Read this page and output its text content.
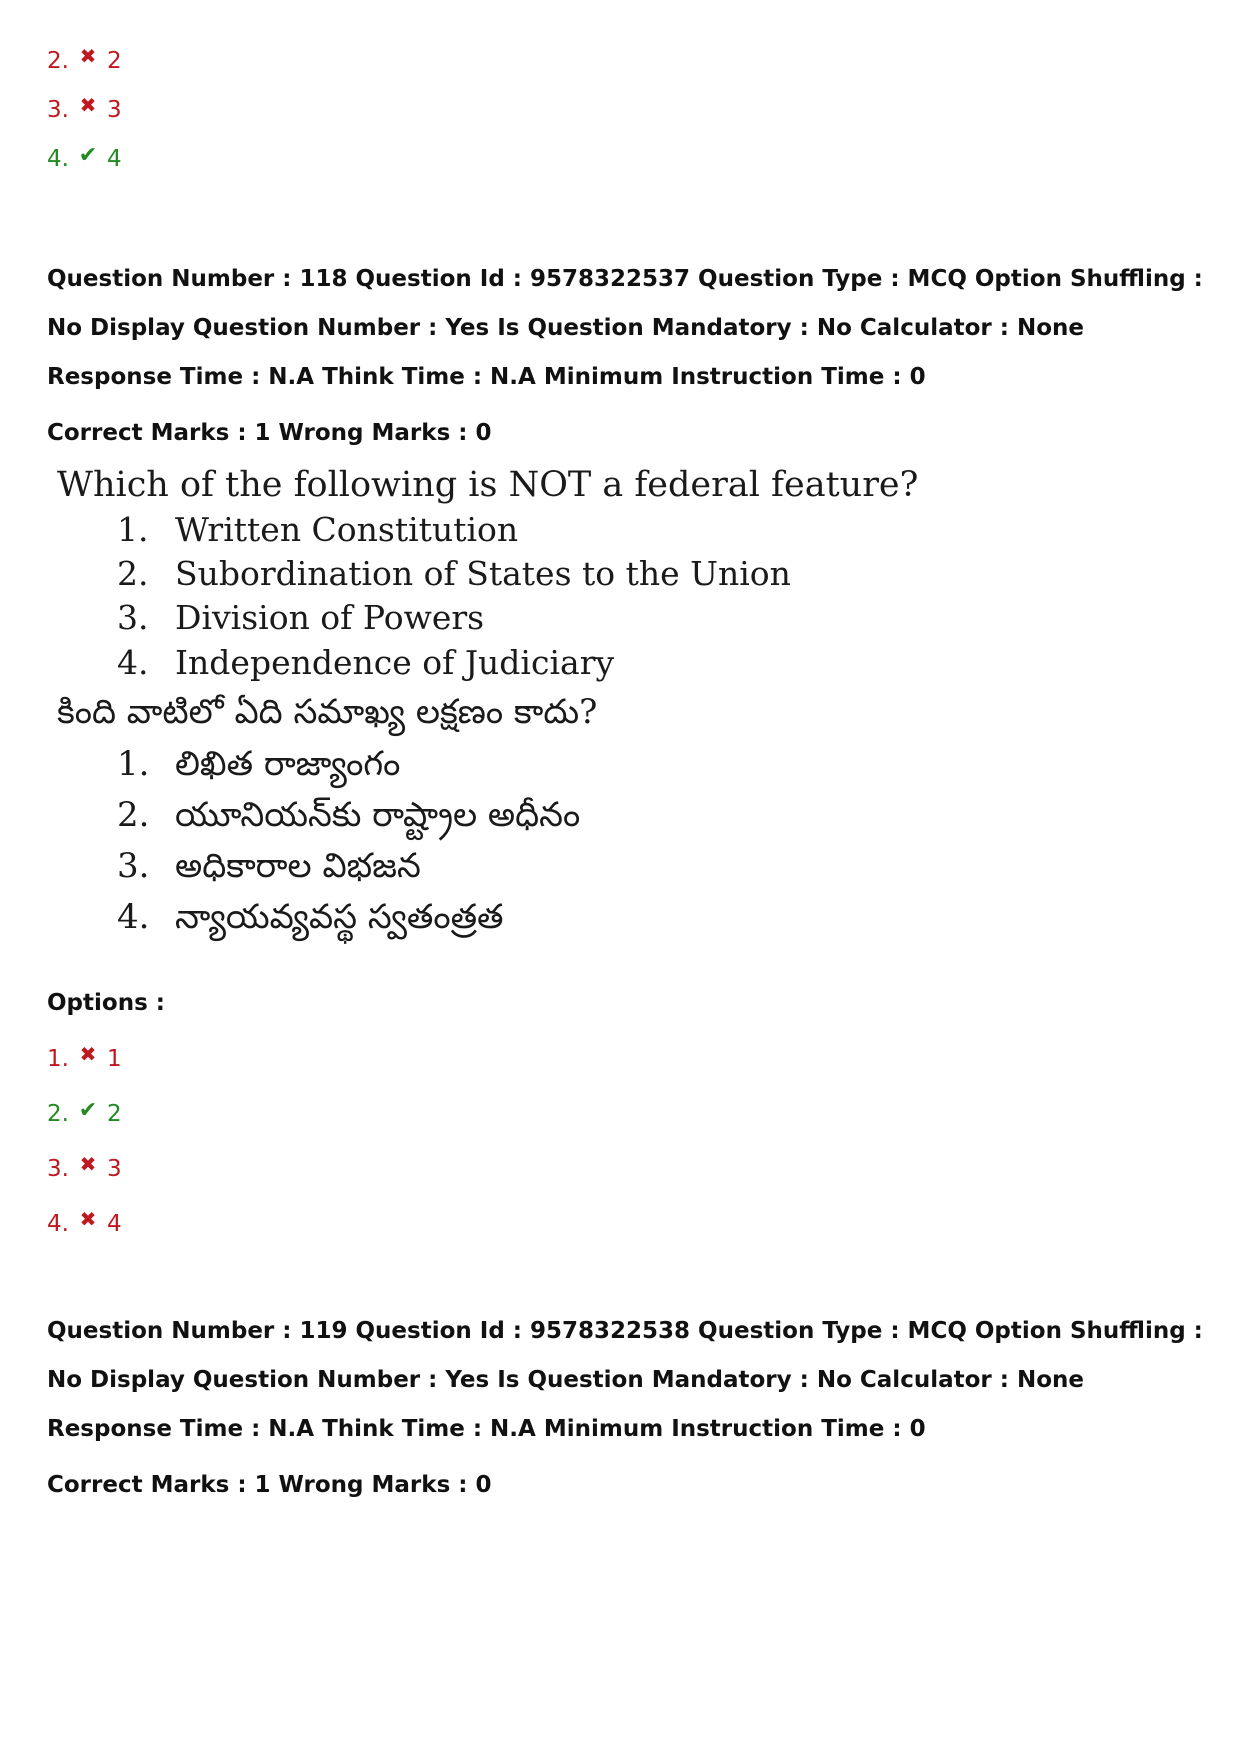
2. ✖ 2
3. ✖ 3
4. ✔ 4
Question Number : 118 Question Id : 9578322537 Question Type : MCQ Option Shuffling : No Display Question Number : Yes Is Question Mandatory : No Calculator : None Response Time : N.A Think Time : N.A Minimum Instruction Time : 0
Correct Marks : 1 Wrong Marks : 0
Which of the following is NOT a federal feature?
1. Written Constitution
2. Subordination of States to the Union
3. Division of Powers
4. Independence of Judiciary
కింది వాటిలో ఏది సమాఖ్య లక్షణం కాదు?
1. లిఖిత రాజ్యాంగం
2. యూనియన్‌కు రాష్ట్రాల అధీనం
3. అధికారాల విభజన
4. న్యాయవ్యవస్థ స్వతంత్రత
Options :
1. ✖ 1
2. ✔ 2
3. ✖ 3
4. ✖ 4
Question Number : 119 Question Id : 9578322538 Question Type : MCQ Option Shuffling : No Display Question Number : Yes Is Question Mandatory : No Calculator : None Response Time : N.A Think Time : N.A Minimum Instruction Time : 0
Correct Marks : 1 Wrong Marks : 0
